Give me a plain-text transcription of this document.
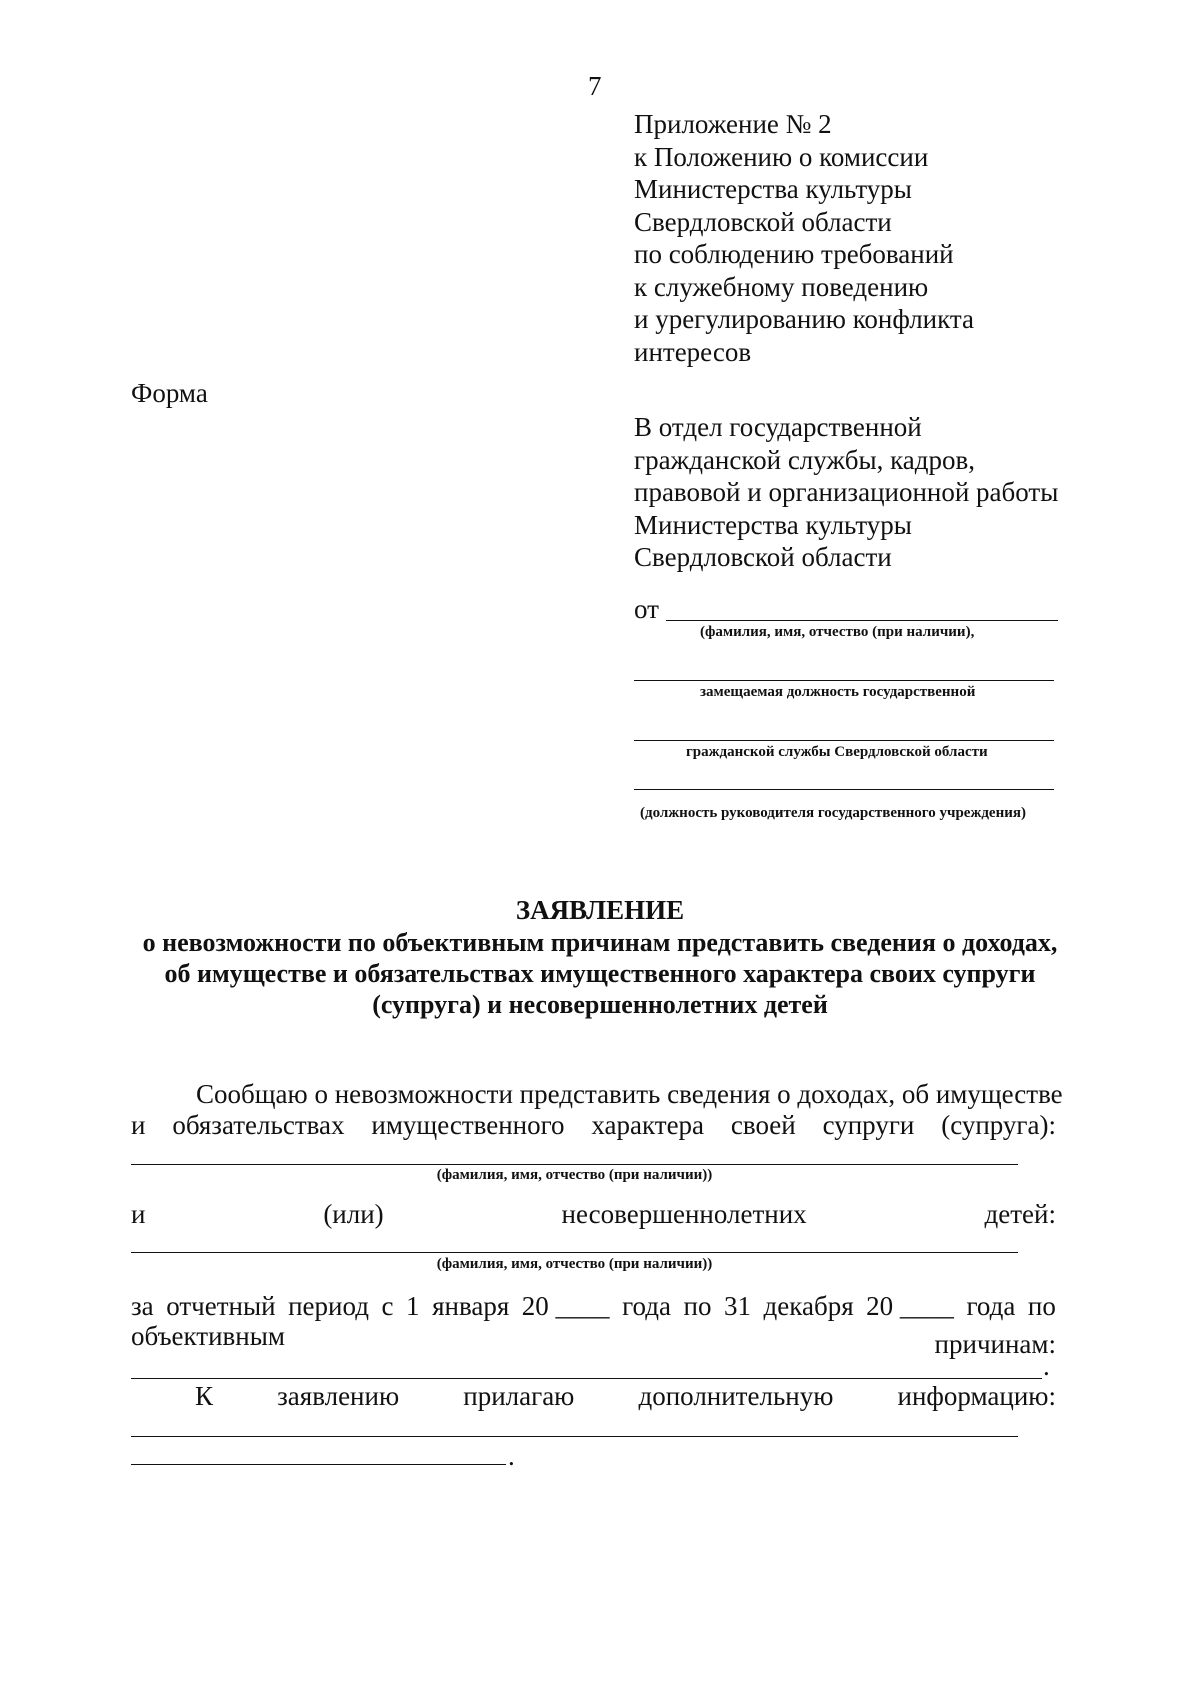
7
Приложение № 2
к Положению о комиссии
Министерства культуры
Свердловской области
по соблюдению требований
к служебному поведению
и урегулированию конфликта
интересов
Форма
В отдел государственной
гражданской службы, кадров,
правовой и организационной работы
Министерства культуры
Свердловской области
от
(фамилия, имя, отчество (при наличии),
замещаемая должность государственной
гражданской службы Свердловской области
(должность руководителя государственного учреждения)
ЗАЯВЛЕНИЕ
о невозможности по объективным причинам представить сведения о доходах,
об имуществе и обязательствах имущественного характера своих супруги
(супруга) и несовершеннолетних детей
Сообщаю о невозможности представить сведения о доходах, об имуществе
и обязательствах имущественного характера своей супруги (супруга):
(фамилия, имя, отчество (при наличии))
и	(или)	несовершеннолетних	детей:
(фамилия, имя, отчество (при наличии))
за отчетный период с 1 января 20 ____ года по 31 декабря 20 ____ года по
объективным	причинам:
.
К заявлению прилагаю дополнительную информацию:
.
